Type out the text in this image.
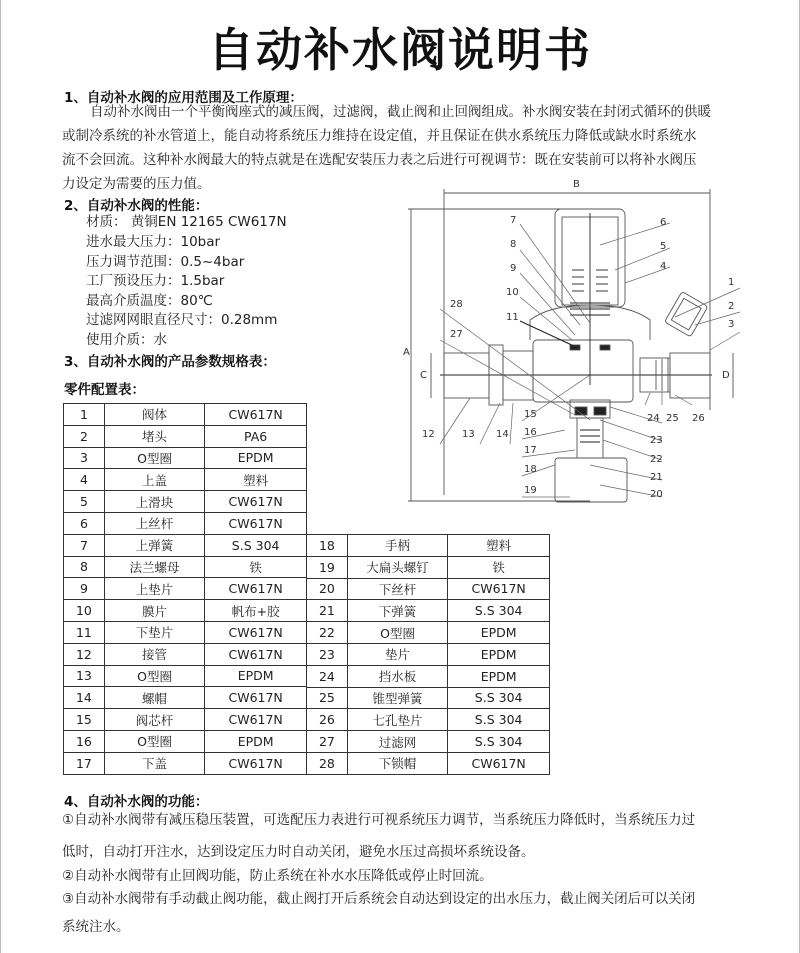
自动补水阀说明书
1、自动补水阀的应用范围及工作原理：
自动补水阀由一个平衡阀座式的减压阀，过滤阀，截止阀和止回阀组成。补水阀安装在封闭式循环的供暖
或制冷系统的补水管道上，能自动将系统压力维持在设定值，并且保证在供水系统压力降低或缺水时系统水
流不会回流。这种补水阀最大的特点就是在选配安装压力表之后进行可视调节：既在安装前可以将补水阀压
力设定为需要的压力值。
2、自动补水阀的性能：
材质： 黄铜EN 12165 CW617N
进水最大压力：10bar
压力调节范围：0.5~4bar
工厂预设压力：1.5bar
最高介质温度：80℃
过滤网网眼直径尺寸：0.28mm
使用介质：水
3、自动补水阀的产品参数规格表：
零件配置表：
1	阀体	CW617N
2	堵头	PA6
3	O型圈	EPDM
4	上盖	塑料
5	上滑块	CW617N
6	上丝杆	CW617N
7	上弹簧	S.S 304
8	法兰螺母	铁
9	上垫片	CW617N
10	膜片	帆布+胶
11	下垫片	CW617N
12	接管	CW617N
13	O型圈	EPDM
14	螺帽	CW617N
15	阀芯杆	CW617N
16	O型圈	EPDM
17	下盖	CW617N
18	手柄	塑料
19	大扁头螺钉	铁
20	下丝杆	CW617N
21	下弹簧	S.S 304
22	O型圈	EPDM
23	垫片	EPDM
24	挡水板	EPDM
25	锥型弹簧	S.S 304
26	七孔垫片	S.S 304
27	过滤网	S.S 304
28	下锁帽	CW617N
B
A
C	D
1
2
3
4
5
6
7
8
9
10
11
12	13 14
15
16
17
18
19	20
21
22
23
24 25 26
27
28
4、自动补水阀的功能：
①自动补水阀带有减压稳压装置，可选配压力表进行可视系统压力调节，当系统压力降低时，当系统压力过
低时，自动打开注水，达到设定压力时自动关闭，避免水压过高损坏系统设备。
②自动补水阀带有止回阀功能，防止系统在补水水压降低或停止时回流。
③自动补水阀带有手动截止阀功能，截止阀打开后系统会自动达到设定的出水压力，截止阀关闭后可以关闭
系统注水。
